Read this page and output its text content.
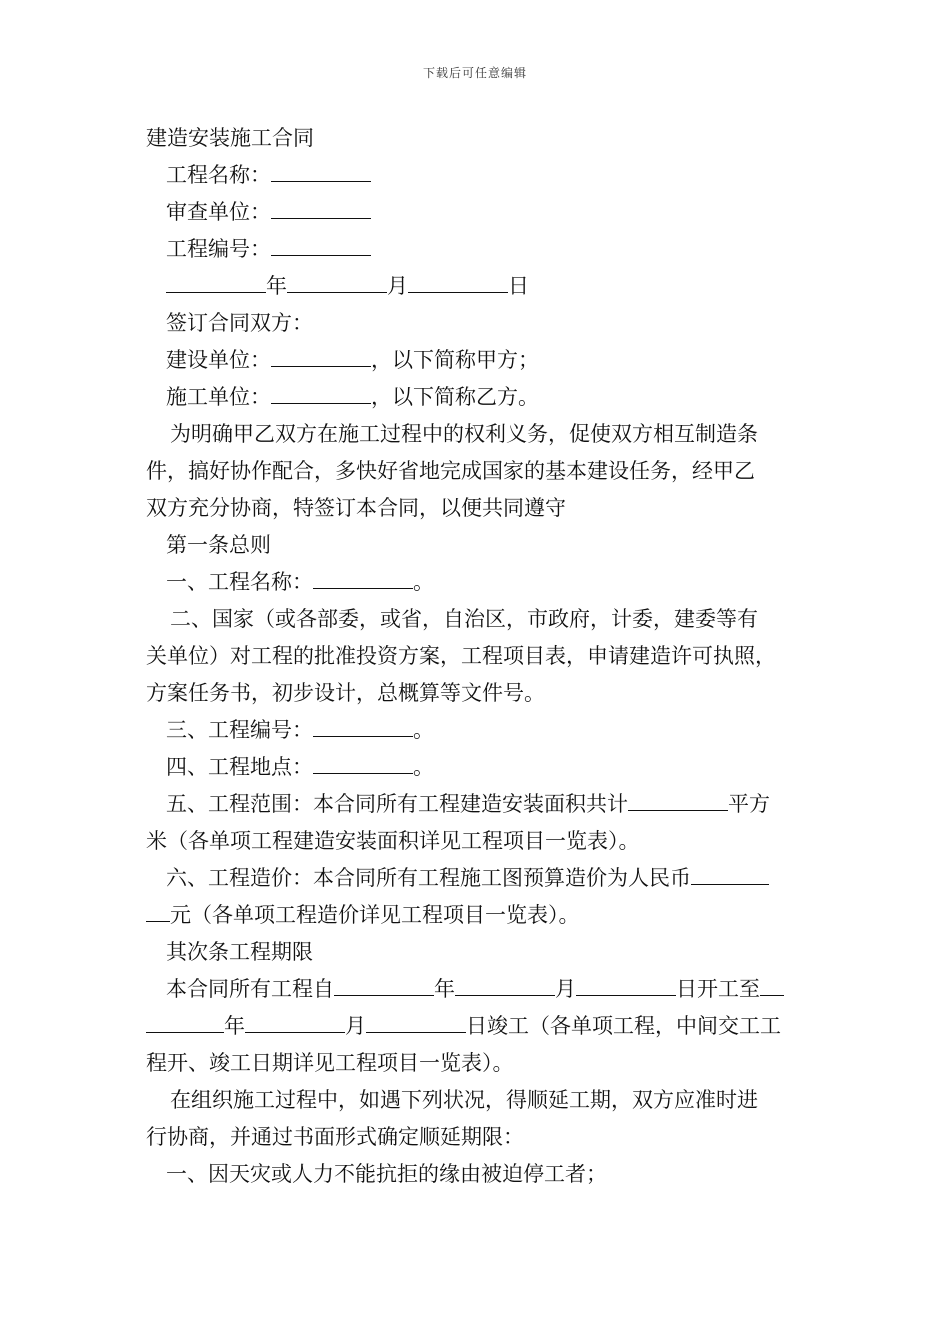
下载后可任意编辑
建造安装施工合同
工程名称：
审查单位：
工程编号：
年	月	日
签订合同双方：
建设单位：	，以下简称甲方；
施工单位：	，以下简称乙方。
为明确甲乙双方在施工过程中的权利义务，促使双方相互制造条
件，搞好协作配合，多快好省地完成国家的基本建设任务，经甲乙
双方充分协商，特签订本合同，以便共同遵守
第一条总则
一、工程名称：	。
二、国家（或各部委，或省，自治区，市政府，计委，建委等有
关单位）对工程的批准投资方案，工程项目表，申请建造许可执照，
方案任务书，初步设计，总概算等文件号。
三、工程编号：	。
四、工程地点：	。
五、工程范围：本合同所有工程建造安装面积共计	平方
米（各单项工程建造安装面积详见工程项目一览表）。
六、工程造价：本合同所有工程施工图预算造价为人民币
元（各单项工程造价详见工程项目一览表）。
其次条工程期限
本合同所有工程自	年	月	日开工至
年	月	日竣工（各单项工程，中间交工工
程开、竣工日期详见工程项目一览表）。
在组织施工过程中，如遇下列状况，得顺延工期，双方应准时进
行协商，并通过书面形式确定顺延期限：
一、因天灾或人力不能抗拒的缘由被迫停工者；
